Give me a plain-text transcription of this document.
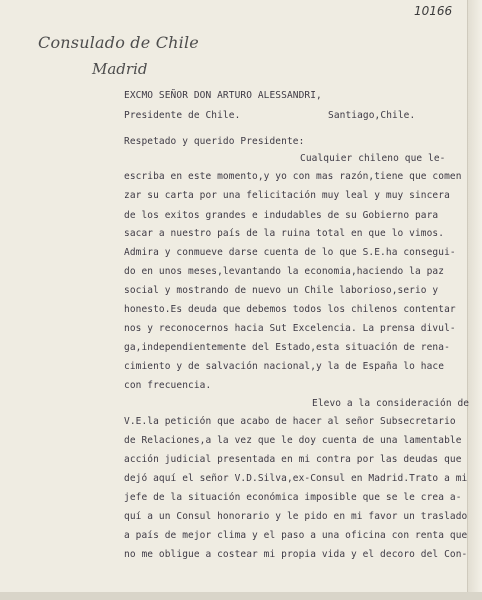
10166
Consulado de Chile
Madrid
EXCMO SEÑOR DON ARTURO ALESSANDRI,
Presidente de Chile.	Santiago,Chile.
Respetado y querido Presidente:
Cualquier chileno que le-
escriba en este momento,y yo con mas razón,tiene que comen
zar su carta por una felicitación muy leal y muy sincera
de los exitos grandes e indudables de su Gobierno para
sacar a nuestro país de la ruina total en que lo vimos.
Admira y conmueve darse cuenta de lo que S.E.ha consegui-
do en unos meses,levantando la economia,haciendo la paz
social y mostrando de nuevo un Chile laborioso,serio y
honesto.Es deuda que debemos todos los chilenos contentar
nos y reconocernos hacia Sut Excelencia. La prensa divul-
ga,independientemente del Estado,esta situación de rena-
cimiento y de salvación nacional,y la de España lo hace
con frecuencia.
Elevo a la consideración de
V.E.la petición que acabo de hacer al señor Subsecretario
de Relaciones,a la vez que le doy cuenta de una lamentable
acción judicial presentada en mi contra por las deudas que
dejó aquí el señor V.D.Silva,ex-Consul en Madrid.Trato a mi
jefe de la situación económica imposible que se le crea a-
quí a un Consul honorario y le pido en mi favor un traslado
a país de mejor clima y el paso a una oficina con renta que
no me obligue a costear mi propia vida y el decoro del Con-
